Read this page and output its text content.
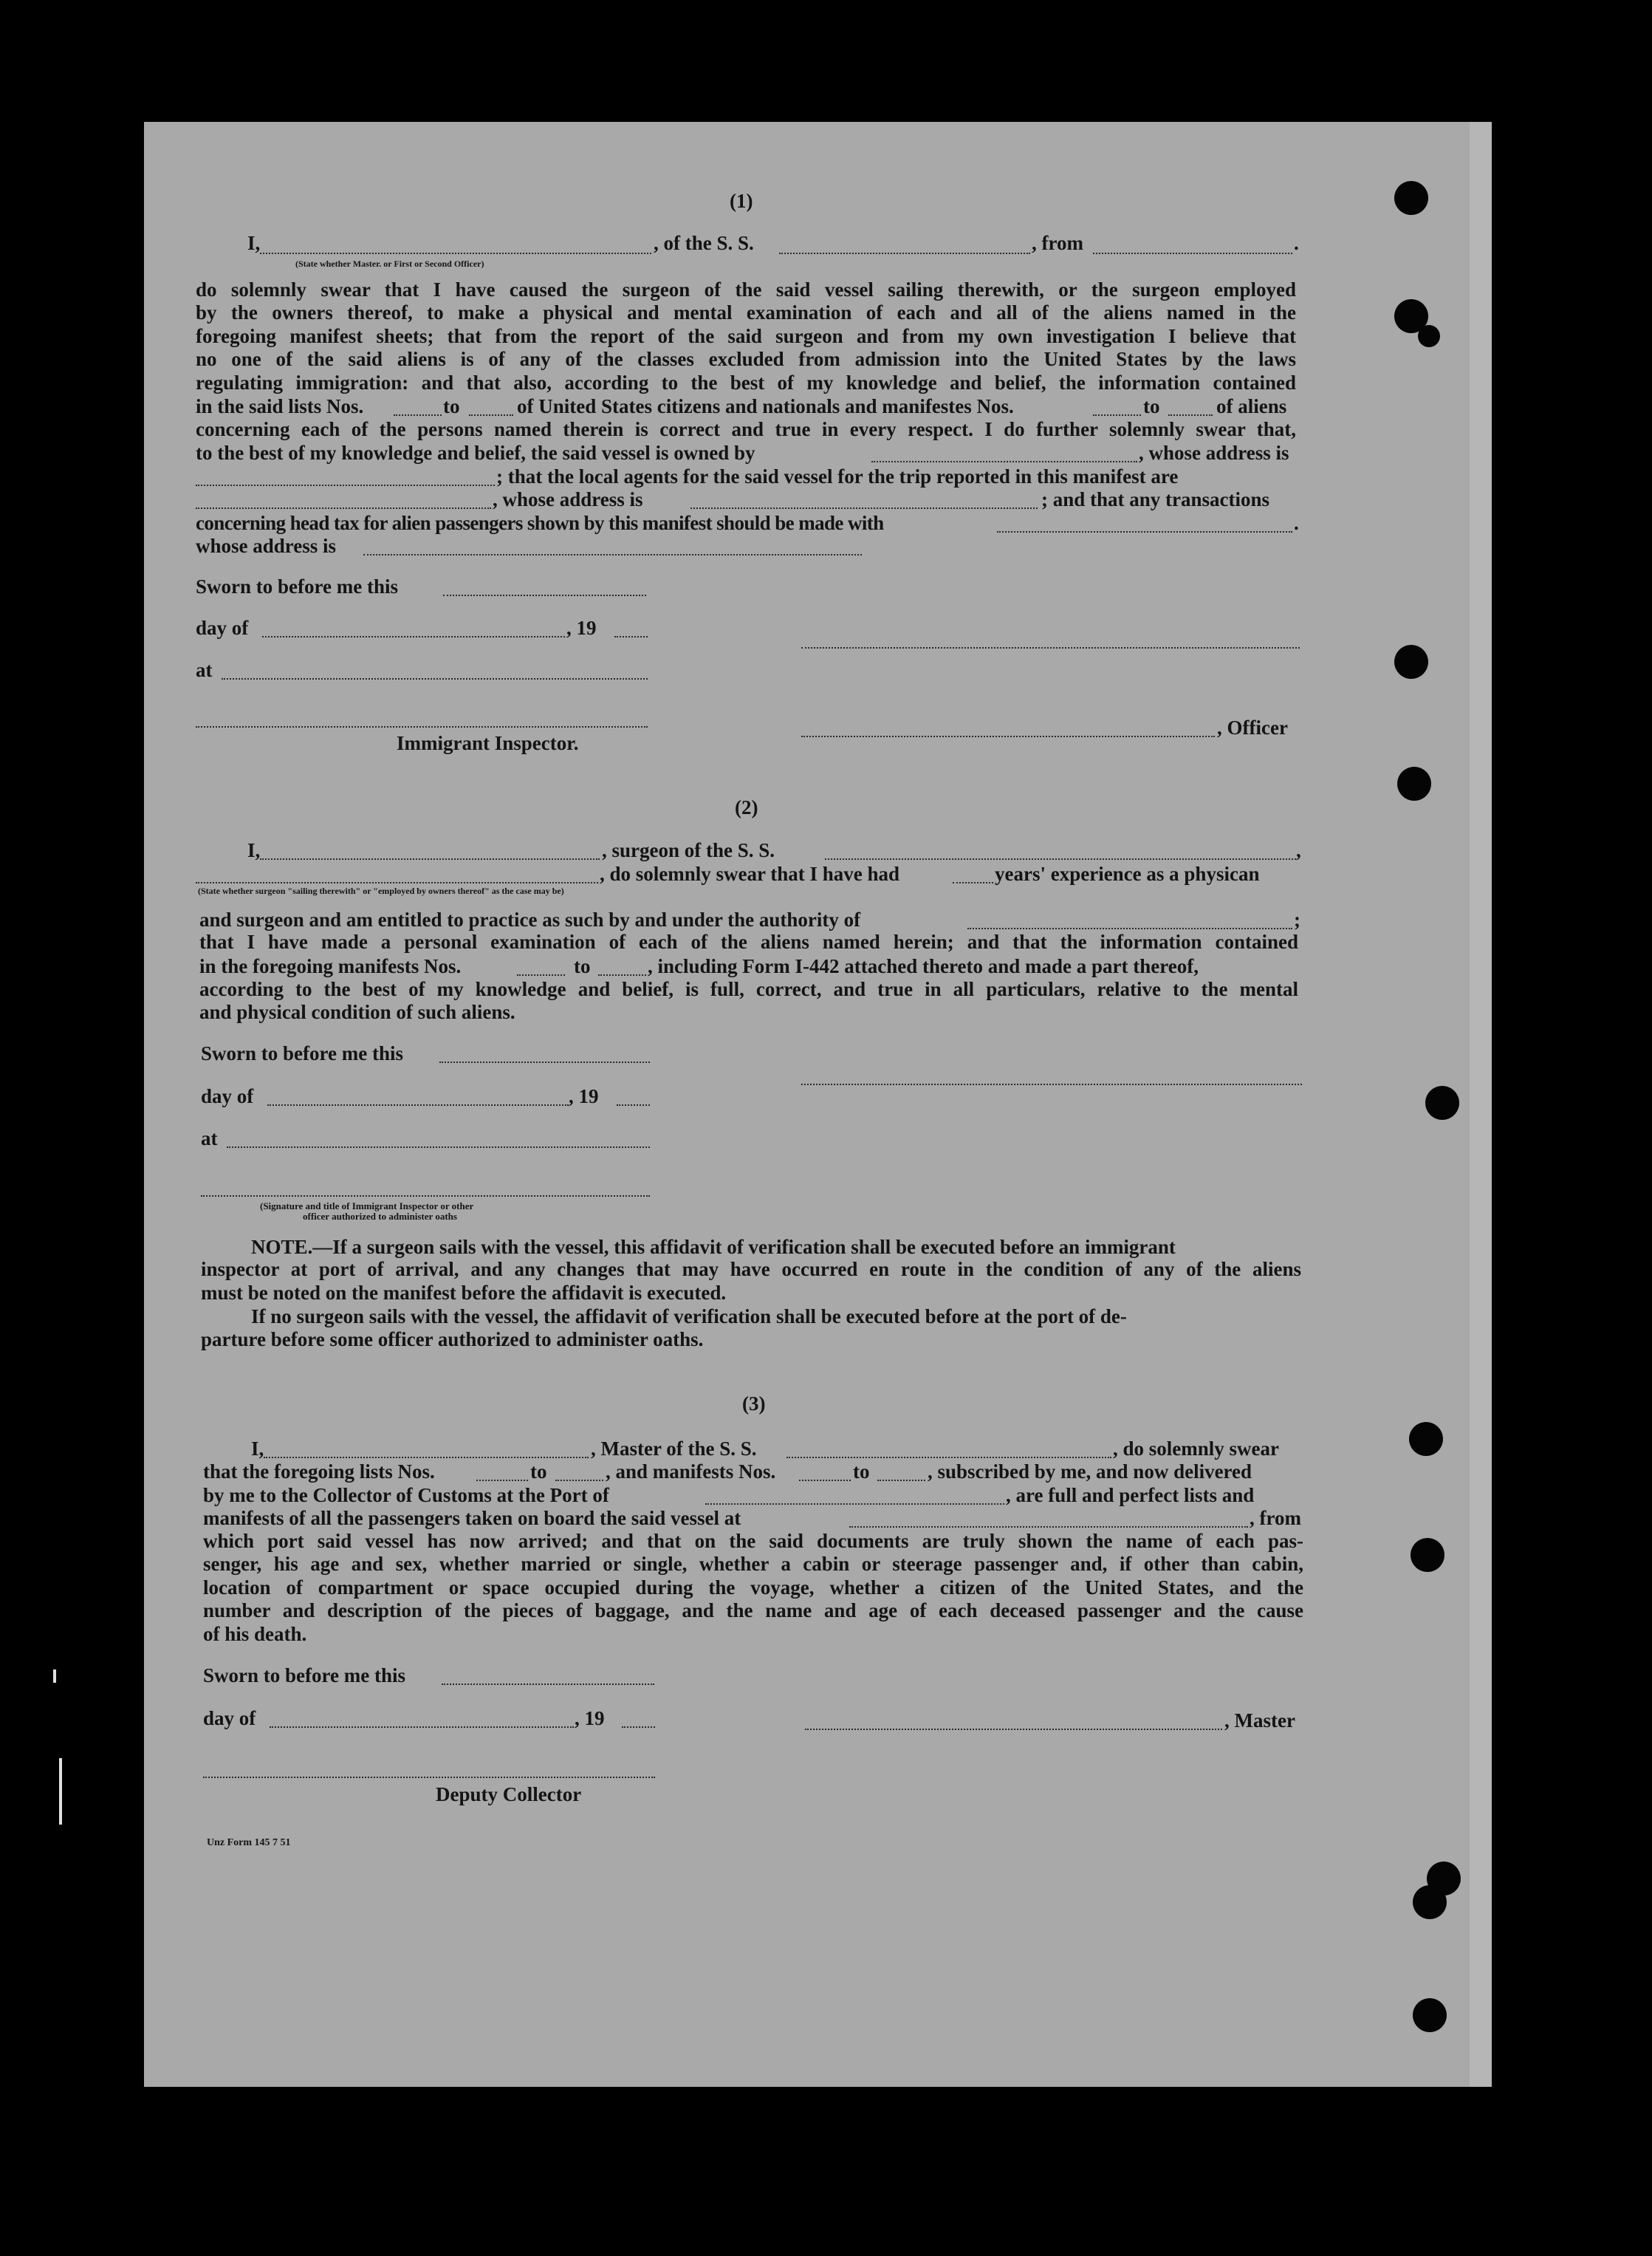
(1)
I,	, of the S. S.	, from	.
(State whether Master. or First or Second Officer)
do solemnly swear that I have caused the surgeon of the said vessel sailing therewith, or the surgeon employed
by the owners thereof, to make a physical and mental examination of each and all of the aliens named in the
foregoing manifest sheets; that from the report of the said surgeon and from my own investigation I believe that
no one of the said aliens is of any of the classes excluded from admission into the United States by the laws
regulating immigration: and that also, according to the best of my knowledge and belief, the information contained
in the said lists Nos.	to	of United States citizens and nationals and manifestes Nos.	to	of aliens
concerning each of the persons named therein is correct and true in every respect. I do further solemnly swear that,
to the best of my knowledge and belief, the said vessel is owned by	, whose address is
; that the local agents for the said vessel for the trip reported in this manifest are
, whose address is	; and that any transactions
concerning head tax for alien passengers shown by this manifest should be made with	.
whose address is
Sworn to before me this
day of	, 19
at
Immigrant Inspector.
, Officer
(2)
I,	, surgeon of the S. S.	,
, do solemnly swear that I have had	years' experience as a physican
(State whether surgeon "sailing therewith" or "employed by owners thereof" as the case may be)
and surgeon and am entitled to practice as such by and under the authority of	;
that I have made a personal examination of each of the aliens named herein; and that the information contained
in the foregoing manifests Nos.	to	, including Form I-442 attached thereto and made a part thereof,
according to the best of my knowledge and belief, is full, correct, and true in all particulars, relative to the mental
and physical condition of such aliens.
Sworn to before me this
day of	, 19
at
(Signature and title of Immigrant Inspector or other
officer authorized to administer oaths
NOTE.—If a surgeon sails with the vessel, this affidavit of verification shall be executed before an immigrant
inspector at port of arrival, and any changes that may have occurred en route in the condition of any of the aliens
must be noted on the manifest before the affidavit is executed.
If no surgeon sails with the vessel, the affidavit of verification shall be executed before at the port of de-
parture before some officer authorized to administer oaths.
(3)
I,	, Master of the S. S.	, do solemnly swear
that the foregoing lists Nos.	to	, and manifests Nos.	to	, subscribed by me, and now delivered
by me to the Collector of Customs at the Port of	, are full and perfect lists and
manifests of all the passengers taken on board the said vessel at	, from
which port said vessel has now arrived; and that on the said documents are truly shown the name of each pas-
senger, his age and sex, whether married or single, whether a cabin or steerage passenger and, if other than cabin,
location of compartment or space occupied during the voyage, whether a citizen of the United States, and the
number and description of the pieces of baggage, and the name and age of each deceased passenger and the cause
of his death.
Sworn to before me this
day of	, 19	, Master
Deputy Collector
Unz Form 145 7 51
